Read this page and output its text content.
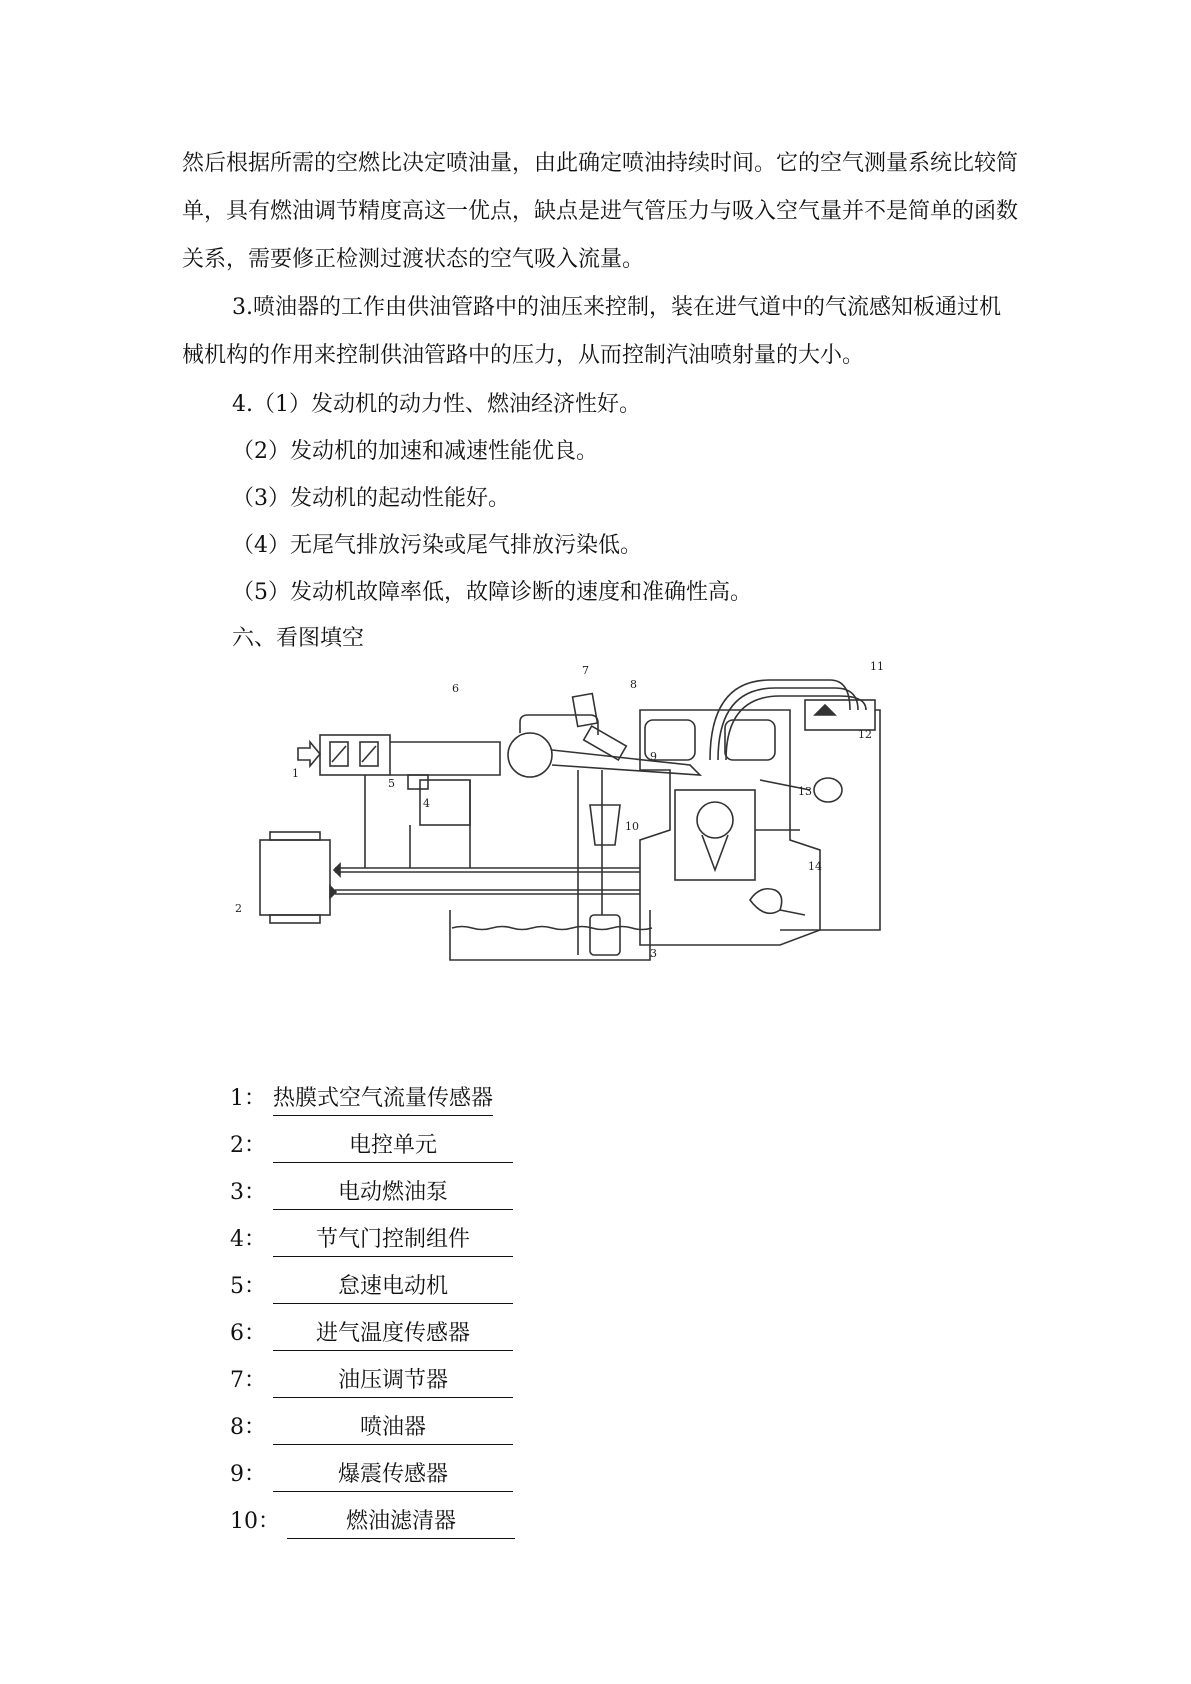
然后根据所需的空燃比决定喷油量，由此确定喷油持续时间。它的空气测量系统比较简单，具有燃油调节精度高这一优点，缺点是进气管压力与吸入空气量并不是简单的函数关系，需要修正检测过渡状态的空气吸入流量。

3.喷油器的工作由供油管路中的油压来控制，装在进气道中的气流感知板通过机械机构的作用来控制供油管路中的压力，从而控制汽油喷射量的大小。

4.（1）发动机的动力性、燃油经济性好。
（2）发动机的加速和减速性能优良。
（3）发动机的起动性能好。
（4）无尾气排放污染或尾气排放污染低。
（5）发动机故障率低，故障诊断的速度和准确性高。
六、看图填空
1
2
3
4
5
6
7
8
9
10
11
12
13
14
1： 热膜式空气流量传感器
2：	电控单元
3：	电动燃油泵
4： 节气门控制组件
5：	怠速电动机
6： 进气温度传感器
7：	油压调节器
8：	喷油器
9：	爆震传感器
10：	燃油滤清器
